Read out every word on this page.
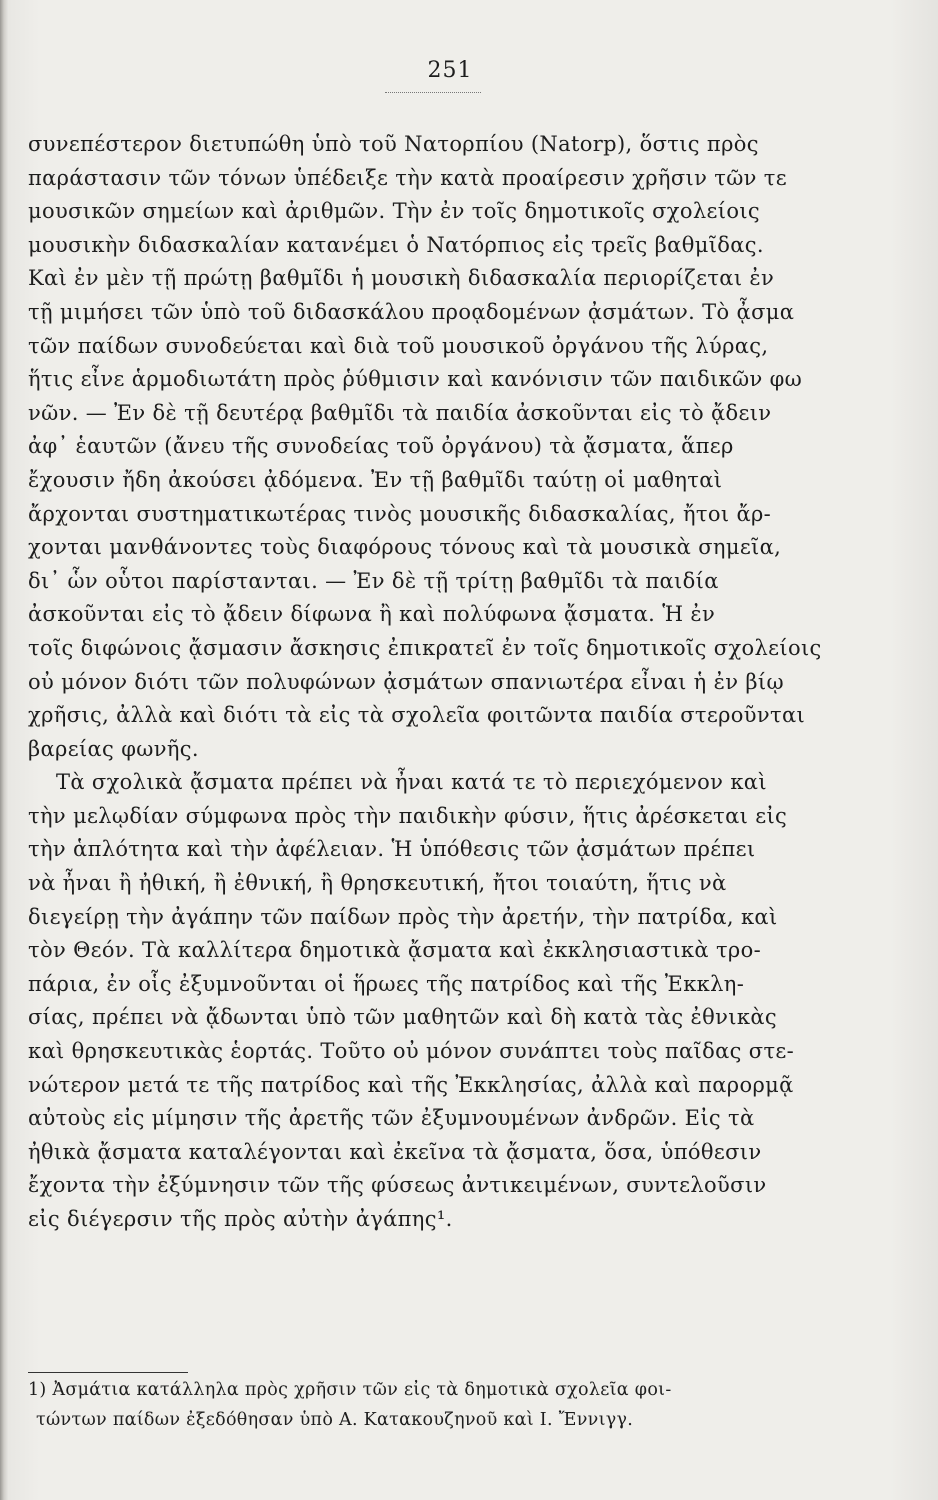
251
συνεπέστερον διετυπώθη ὑπὸ τοῦ Νατορπίου (Natorp), ὅστις πρὸς
παράστασιν τῶν τόνων ὑπέδειξε τὴν κατὰ προαίρεσιν χρῆσιν τῶν τε
μουσικῶν σημείων καὶ ἀριθμῶν. Τὴν ἐν τοῖς δημοτικοῖς σχολείοις
μουσικὴν διδασκαλίαν κατανέμει ὁ Νατόρπιος εἰς τρεῖς βαθμῖδας.
Καὶ ἐν μὲν τῇ πρώτῃ βαθμῖδι ἡ μουσικὴ διδασκαλία περιορίζεται ἐν
τῇ μιμήσει τῶν ὑπὸ τοῦ διδασκάλου προᾳδομένων ᾀσμάτων. Τὸ ᾆσμα
τῶν παίδων συνοδεύεται καὶ διὰ τοῦ μουσικοῦ ὀργάνου τῆς λύρας,
ἥτις εἶνε ἁρμοδιωτάτη πρὸς ῥύθμισιν καὶ κανόνισιν τῶν παιδικῶν φω
νῶν. — Ἐν δὲ τῇ δευτέρᾳ βαθμῖδι τὰ παιδία ἀσκοῦνται εἰς τὸ ᾄδειν
ἀφ᾽ ἑαυτῶν (ἄνευ τῆς συνοδείας τοῦ ὀργάνου) τὰ ᾄσματα, ἅπερ
ἔχουσιν ἤδη ἀκούσει ᾀδόμενα. Ἐν τῇ βαθμῖδι ταύτῃ οἱ μαθηταὶ
ἄρχονται συστηματικωτέρας τινὸς μουσικῆς διδασκαλίας, ἤτοι ἄρ-
χονται μανθάνοντες τοὺς διαφόρους τόνους καὶ τὰ μουσικὰ σημεῖα,
δι᾽ ὧν οὗτοι παρίστανται. — Ἐν δὲ τῇ τρίτῃ βαθμῖδι τὰ παιδία
ἀσκοῦνται εἰς τὸ ᾄδειν δίφωνα ἢ καὶ πολύφωνα ᾄσματα. Ἡ ἐν
τοῖς διφώνοις ᾄσμασιν ἄσκησις ἐπικρατεῖ ἐν τοῖς δημοτικοῖς σχολείοις
οὐ μόνον διότι τῶν πολυφώνων ᾀσμάτων σπανιωτέρα εἶναι ἡ ἐν βίῳ
χρῆσις, ἀλλὰ καὶ διότι τὰ εἰς τὰ σχολεῖα φοιτῶντα παιδία στεροῦνται
βαρείας φωνῆς.
Τὰ σχολικὰ ᾄσματα πρέπει νὰ ἦναι κατά τε τὸ περιεχόμενον καὶ
τὴν μελῳδίαν σύμφωνα πρὸς τὴν παιδικὴν φύσιν, ἥτις ἀρέσκεται εἰς
τὴν ἁπλότητα καὶ τὴν ἀφέλειαν. Ἡ ὑπόθεσις τῶν ᾀσμάτων πρέπει
νὰ ἦναι ἢ ἠθική, ἢ ἐθνική, ἢ θρησκευτική, ἤτοι τοιαύτη, ἥτις νὰ
διεγείρῃ τὴν ἀγάπην τῶν παίδων πρὸς τὴν ἀρετήν, τὴν πατρίδα, καὶ
τὸν Θεόν. Τὰ καλλίτερα δημοτικὰ ᾄσματα καὶ ἐκκλησιαστικὰ τρο-
πάρια, ἐν οἷς ἐξυμνοῦνται οἱ ἥρωες τῆς πατρίδος καὶ τῆς Ἐκκλη-
σίας, πρέπει νὰ ᾄδωνται ὑπὸ τῶν μαθητῶν καὶ δὴ κατὰ τὰς ἐθνικὰς
καὶ θρησκευτικὰς ἑορτάς. Τοῦτο οὐ μόνον συνάπτει τοὺς παῖδας στε-
νώτερον μετά τε τῆς πατρίδος καὶ τῆς Ἐκκλησίας, ἀλλὰ καὶ παρορμᾷ
αὐτοὺς εἰς μίμησιν τῆς ἀρετῆς τῶν ἐξυμνουμένων ἀνδρῶν. Εἰς τὰ
ἠθικὰ ᾄσματα καταλέγονται καὶ ἐκεῖνα τὰ ᾄσματα, ὅσα, ὑπόθεσιν
ἔχοντα τὴν ἐξύμνησιν τῶν τῆς φύσεως ἀντικειμένων, συντελοῦσιν
εἰς διέγερσιν τῆς πρὸς αὐτὴν ἀγάπης¹.
1) Ἀσμάτια κατάλληλα πρὸς χρῆσιν τῶν εἰς τὰ δημοτικὰ σχολεῖα φοι-
τώντων παίδων ἐξεδόθησαν ὑπὸ Α. Κατακουζηνοῦ καὶ Ι. Ἔννιγγ.
